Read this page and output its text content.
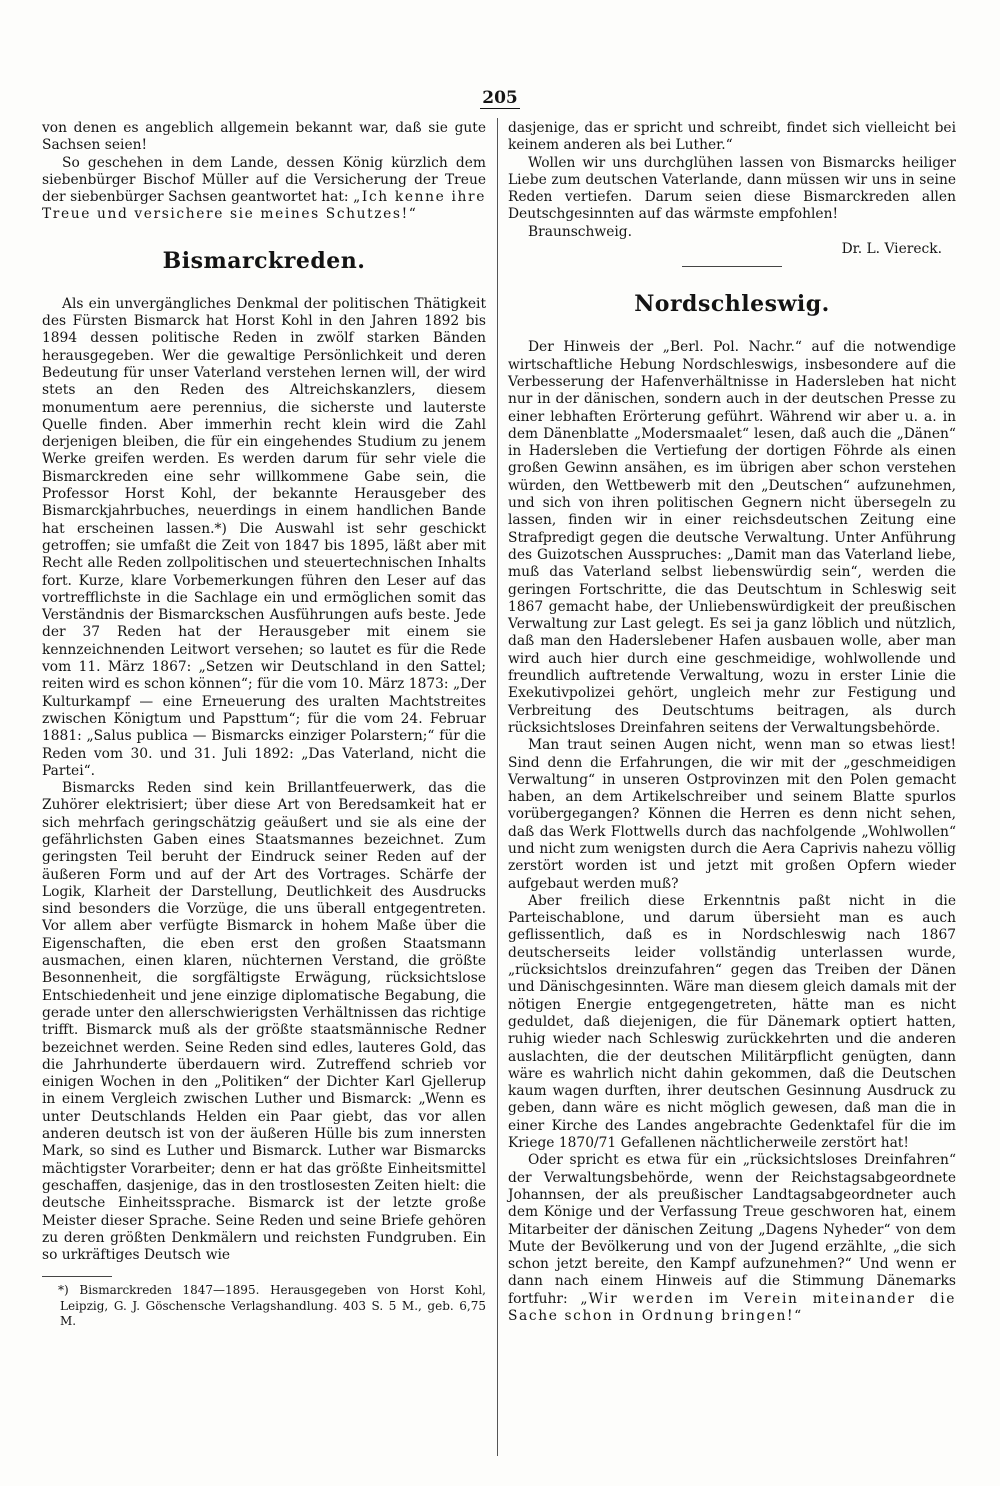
205

von denen es angeblich allgemein bekannt war, daß sie gute Sachsen seien!

So geschehen in dem Lande, dessen König kürzlich dem siebenbürger Bischof Müller auf die Versicherung der Treue der siebenbürger Sachsen geantwortet hat: „Ich kenne ihre Treue und versichere sie meines Schutzes!“

Bismarckreden.

Als ein unvergängliches Denkmal der politischen Thätigkeit des Fürsten Bismarck hat Horst Kohl in den Jahren 1892 bis 1894 dessen politische Reden in zwölf starken Bänden herausgegeben. Wer die gewaltige Persönlichkeit und deren Bedeutung für unser Vaterland verstehen lernen will, der wird stets an den Reden des Altreichskanzlers, diesem monumentum aere perennius, die sicherste und lauterste Quelle finden. Aber immerhin recht klein wird die Zahl derjenigen bleiben, die für ein eingehendes Studium zu jenem Werke greifen werden. Es werden darum für sehr viele die Bismarckreden eine sehr willkommene Gabe sein, die Professor Horst Kohl, der bekannte Herausgeber des Bismarckjahrbuches, neuerdings in einem handlichen Bande hat erscheinen lassen.*) Die Auswahl ist sehr geschickt getroffen; sie umfaßt die Zeit von 1847 bis 1895, läßt aber mit Recht alle Reden zollpolitischen und steuertechnischen Inhalts fort. Kurze, klare Vorbemerkungen führen den Leser auf das vortrefflichste in die Sachlage ein und ermöglichen somit das Verständnis der Bismarckschen Ausführungen aufs beste. Jede der 37 Reden hat der Herausgeber mit einem sie kennzeichnenden Leitwort versehen; so lautet es für die Rede vom 11. März 1867: „Setzen wir Deutschland in den Sattel; reiten wird es schon können“; für die vom 10. März 1873: „Der Kulturkampf — eine Erneuerung des uralten Machtstreites zwischen Königtum und Papsttum“; für die vom 24. Februar 1881: „Salus publica — Bismarcks einziger Polarstern;“ für die Reden vom 30. und 31. Juli 1892: „Das Vaterland, nicht die Partei“.

Bismarcks Reden sind kein Brillantfeuerwerk, das die Zuhörer elektrisiert; über diese Art von Beredsamkeit hat er sich mehrfach geringschätzig geäußert und sie als eine der gefährlichsten Gaben eines Staatsmannes bezeichnet. Zum geringsten Teil beruht der Eindruck seiner Reden auf der äußeren Form und auf der Art des Vortrages. Schärfe der Logik, Klarheit der Darstellung, Deutlichkeit des Ausdrucks sind besonders die Vorzüge, die uns überall entgegentreten. Vor allem aber verfügte Bismarck in hohem Maße über die Eigenschaften, die eben erst den großen Staatsmann ausmachen, einen klaren, nüchternen Verstand, die größte Besonnenheit, die sorgfältigste Erwägung, rücksichtslose Entschiedenheit und jene einzige diplomatische Begabung, die gerade unter den allerschwierigsten Verhältnissen das richtige trifft. Bismarck muß als der größte staatsmännische Redner bezeichnet werden. Seine Reden sind edles, lauteres Gold, das die Jahrhunderte überdauern wird. Zutreffend schrieb vor einigen Wochen in den „Politiken“ der Dichter Karl Gjellerup in einem Vergleich zwischen Luther und Bismarck: „Wenn es unter Deutschlands Helden ein Paar giebt, das vor allen anderen deutsch ist von der äußeren Hülle bis zum innersten Mark, so sind es Luther und Bismarck. Luther war Bismarcks mächtigster Vorarbeiter; denn er hat das größte Einheitsmittel geschaffen, dasjenige, das in den trostlosesten Zeiten hielt: die deutsche Einheitssprache. Bismarck ist der letzte große Meister dieser Sprache. Seine Reden und seine Briefe gehören zu deren größten Denkmälern und reichsten Fundgruben. Ein so urkräftiges Deutsch wie

*) Bismarckreden 1847—1895. Herausgegeben von Horst Kohl, Leipzig, G. J. Göschensche Verlagshandlung. 403 S. 5 M., geb. 6,75 M.

dasjenige, das er spricht und schreibt, findet sich vielleicht bei keinem anderen als bei Luther.“

Wollen wir uns durchglühen lassen von Bismarcks heiliger Liebe zum deutschen Vaterlande, dann müssen wir uns in seine Reden vertiefen. Darum seien diese Bismarckreden allen Deutschgesinnten auf das wärmste empfohlen!

Braunschweig.

Dr. L. Viereck.
Nordschleswig.

Der Hinweis der „Berl. Pol. Nachr.“ auf die notwendige wirtschaftliche Hebung Nordschleswigs, insbesondere auf die Verbesserung der Hafenverhältnisse in Hadersleben hat nicht nur in der dänischen, sondern auch in der deutschen Presse zu einer lebhaften Erörterung geführt. Während wir aber u. a. in dem Dänenblatte „Modersmaalet“ lesen, daß auch die „Dänen“ in Hadersleben die Vertiefung der dortigen Föhrde als einen großen Gewinn ansähen, es im übrigen aber schon verstehen würden, den Wettbewerb mit den „Deutschen“ aufzunehmen, und sich von ihren politischen Gegnern nicht übersegeln zu lassen, finden wir in einer reichsdeutschen Zeitung eine Strafpredigt gegen die deutsche Verwaltung. Unter Anführung des Guizotschen Ausspruches: „Damit man das Vaterland liebe, muß das Vaterland selbst liebenswürdig sein“, werden die geringen Fortschritte, die das Deutschtum in Schleswig seit 1867 gemacht habe, der Unliebenswürdigkeit der preußischen Verwaltung zur Last gelegt. Es sei ja ganz löblich und nützlich, daß man den Haderslebener Hafen ausbauen wolle, aber man wird auch hier durch eine geschmeidige, wohlwollende und freundlich auftretende Verwaltung, wozu in erster Linie die Exekutivpolizei gehört, ungleich mehr zur Festigung und Verbreitung des Deutschtums beitragen, als durch rücksichtsloses Dreinfahren seitens der Verwaltungsbehörde.

Man traut seinen Augen nicht, wenn man so etwas liest! Sind denn die Erfahrungen, die wir mit der „geschmeidigen Verwaltung“ in unseren Ostprovinzen mit den Polen gemacht haben, an dem Artikelschreiber und seinem Blatte spurlos vorübergegangen? Können die Herren es denn nicht sehen, daß das Werk Flottwells durch das nachfolgende „Wohlwollen“ und nicht zum wenigsten durch die Aera Caprivis nahezu völlig zerstört worden ist und jetzt mit großen Opfern wieder aufgebaut werden muß?

Aber freilich diese Erkenntnis paßt nicht in die Parteischablone, und darum übersieht man es auch geflissentlich, daß es in Nordschleswig nach 1867 deutscherseits leider vollständig unterlassen wurde, „rücksichtslos dreinzufahren“ gegen das Treiben der Dänen und Dänischgesinnten. Wäre man diesem gleich damals mit der nötigen Energie entgegengetreten, hätte man es nicht geduldet, daß diejenigen, die für Dänemark optiert hatten, ruhig wieder nach Schleswig zurückkehrten und die anderen auslachten, die der deutschen Militärpflicht genügten, dann wäre es wahrlich nicht dahin gekommen, daß die Deutschen kaum wagen durften, ihrer deutschen Gesinnung Ausdruck zu geben, dann wäre es nicht möglich gewesen, daß man die in einer Kirche des Landes angebrachte Gedenktafel für die im Kriege 1870/71 Gefallenen nächtlicherweile zerstört hat!

Oder spricht es etwa für ein „rücksichtsloses Dreinfahren“ der Verwaltungsbehörde, wenn der Reichstagsabgeordnete Johannsen, der als preußischer Landtagsabgeordneter auch dem Könige und der Verfassung Treue geschworen hat, einem Mitarbeiter der dänischen Zeitung „Dagens Nyheder“ von dem Mute der Bevölkerung und von der Jugend erzählte, „die sich schon jetzt bereite, den Kampf aufzunehmen?“ Und wenn er dann nach einem Hinweis auf die Stimmung Dänemarks fortfuhr: „Wir werden im Verein miteinander die Sache schon in Ordnung bringen!“
